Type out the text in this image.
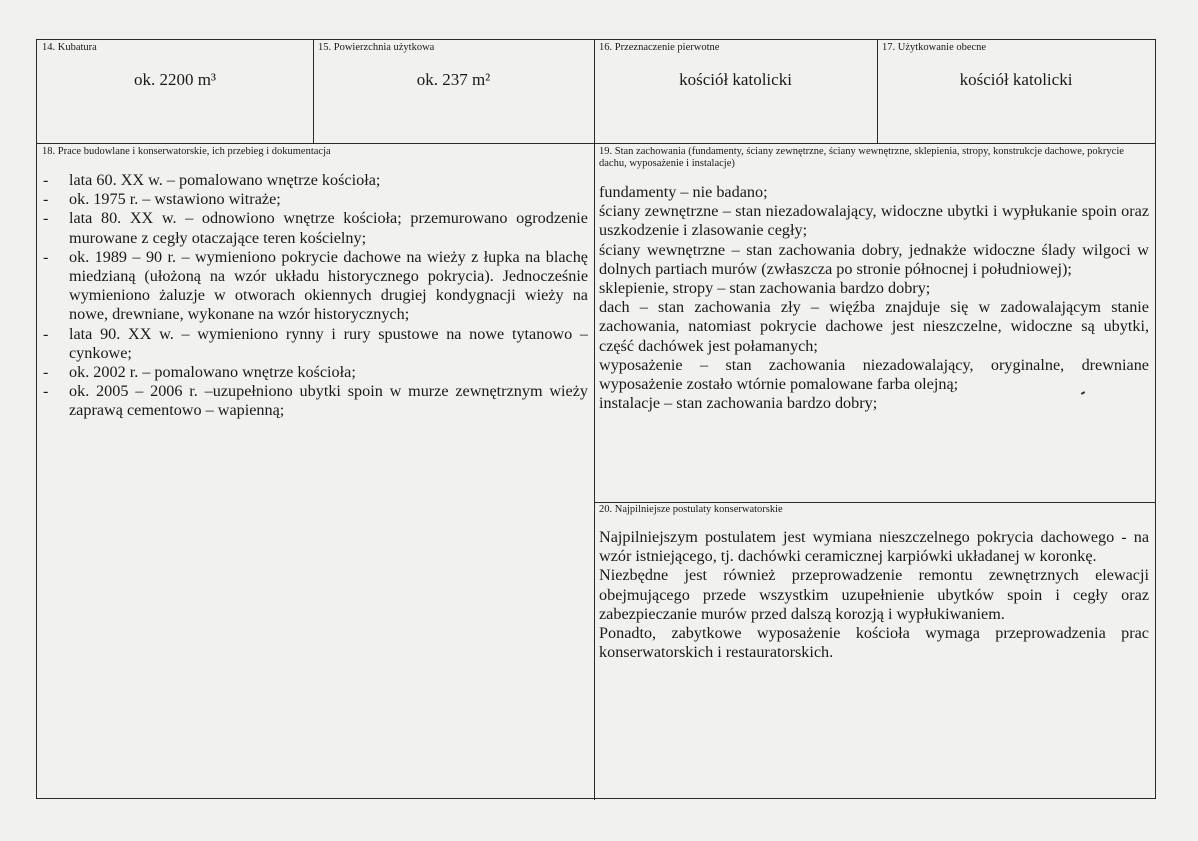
14. Kubatura
ok. 2200 m³
15. Powierzchnia użytkowa
ok. 237 m²
16. Przeznaczenie pierwotne
kościół katolicki
17. Użytkowanie obecne
kościół katolicki
18. Prace budowlane i konserwatorskie, ich przebieg i dokumentacja
- lata 60. XX w. – pomalowano wnętrze kościoła;
- ok. 1975 r. – wstawiono witraże;
- lata 80. XX w. – odnowiono wnętrze kościoła; przemurowano ogrodzenie murowane z cegły otaczające teren kościelny;
- ok. 1989 – 90 r. – wymieniono pokrycie dachowe na wieży z łupka na blachę miedzianą (ułożoną na wzór układu historycznego pokrycia). Jednocześnie wymieniono żaluzje w otworach okiennych drugiej kondygnacji wieży na nowe, drewniane, wykonane na wzór historycznych;
- lata 90. XX w. – wymieniono rynny i rury spustowe na nowe tytanowo – cynkowe;
- ok. 2002 r. – pomalowano wnętrze kościoła;
- ok. 2005 – 2006 r. –uzupełniono ubytki spoin w murze zewnętrznym wieży zaprawą cementowo – wapienną;
19. Stan zachowania (fundamenty, ściany zewnętrzne, ściany wewnętrzne, sklepienia, stropy, konstrukcje dachowe, pokrycie dachu, wyposażenie i instalacje)

fundamenty – nie badano;

ściany zewnętrzne – stan niezadowalający, widoczne ubytki i wypłukanie spoin oraz uszkodzenie i zlasowanie cegły;

ściany wewnętrzne – stan zachowania dobry, jednakże widoczne ślady wilgoci w dolnych partiach murów (zwłaszcza po stronie północnej i południowej);

sklepienie, stropy – stan zachowania bardzo dobry;

dach – stan zachowania zły – więźba znajduje się w zadowalającym stanie zachowania, natomiast pokrycie dachowe jest nieszczelne, widoczne są ubytki, część dachówek jest połamanych;

wyposażenie – stan zachowania niezadowalający, oryginalne, drewniane wyposażenie zostało wtórnie pomalowane farba olejną;

instalacje – stan zachowania bardzo dobry;

20. Najpilniejsze postulaty konserwatorskie

Najpilniejszym postulatem jest wymiana nieszczelnego pokrycia dachowego - na wzór istniejącego, tj. dachówki ceramicznej karpiówki układanej w koronkę.

Niezbędne jest również przeprowadzenie remontu zewnętrznych elewacji obejmującego przede wszystkim uzupełnienie ubytków spoin i cegły oraz zabezpieczanie murów przed dalszą korozją i wypłukiwaniem.

Ponadto, zabytkowe wyposażenie kościoła wymaga przeprowadzenia prac konserwatorskich i restauratorskich.
